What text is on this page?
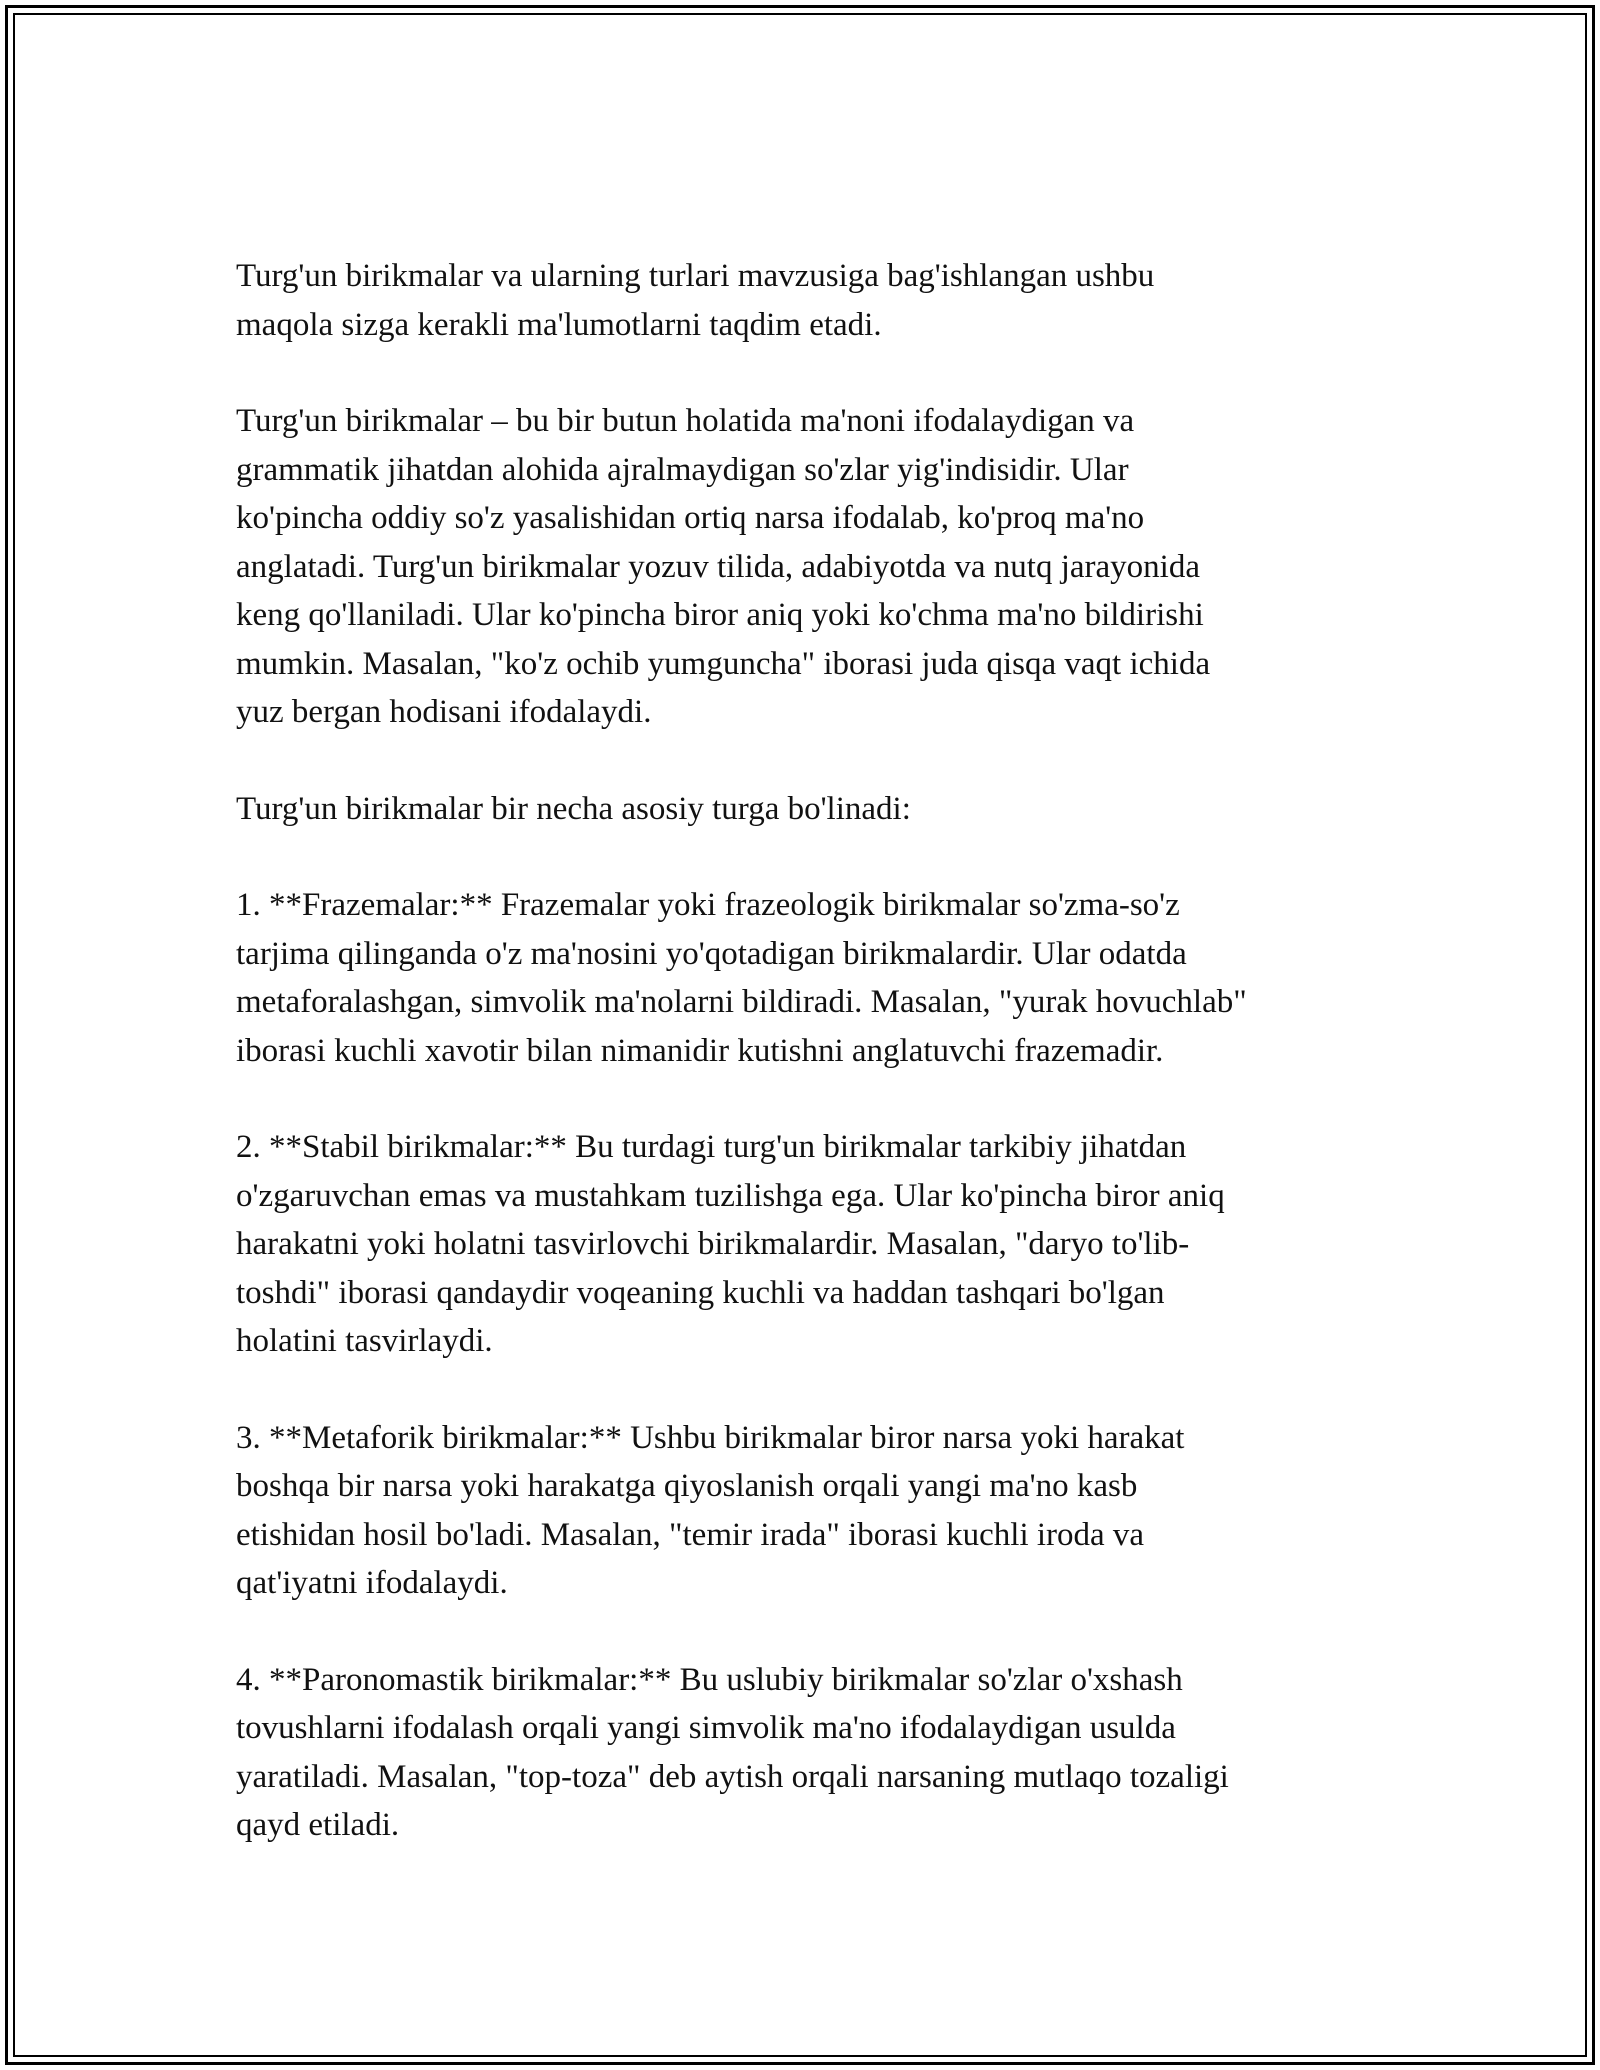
Turg'un birikmalar va ularning turlari mavzusiga bag'ishlangan ushbu
maqola sizga kerakli ma'lumotlarni taqdim etadi.

Turg'un birikmalar – bu bir butun holatida ma'noni ifodalaydigan va
grammatik jihatdan alohida ajralmaydigan so'zlar yig'indisidir. Ular
ko'pincha oddiy so'z yasalishidan ortiq narsa ifodalab, ko'proq ma'no
anglatadi. Turg'un birikmalar yozuv tilida, adabiyotda va nutq jarayonida
keng qo'llaniladi. Ular ko'pincha biror aniq yoki ko'chma ma'no bildirishi
mumkin. Masalan, "ko'z ochib yumguncha" iborasi juda qisqa vaqt ichida
yuz bergan hodisani ifodalaydi.

Turg'un birikmalar bir necha asosiy turga bo'linadi:

1. **Frazemalar:** Frazemalar yoki frazeologik birikmalar so'zma-so'z
tarjima qilinganda o'z ma'nosini yo'qotadigan birikmalardir. Ular odatda
metaforalashgan, simvolik ma'nolarni bildiradi. Masalan, "yurak hovuchlab"
iborasi kuchli xavotir bilan nimanidir kutishni anglatuvchi frazemadir.

2. **Stabil birikmalar:** Bu turdagi turg'un birikmalar tarkibiy jihatdan
o'zgaruvchan emas va mustahkam tuzilishga ega. Ular ko'pincha biror aniq
harakatni yoki holatni tasvirlovchi birikmalardir. Masalan, "daryo to'lib-
toshdi" iborasi qandaydir voqeaning kuchli va haddan tashqari bo'lgan
holatini tasvirlaydi.

3. **Metaforik birikmalar:** Ushbu birikmalar biror narsa yoki harakat
boshqa bir narsa yoki harakatga qiyoslanish orqali yangi ma'no kasb
etishidan hosil bo'ladi. Masalan, "temir irada" iborasi kuchli iroda va
qat'iyatni ifodalaydi.

4. **Paronomastik birikmalar:** Bu uslubiy birikmalar so'zlar o'xshash
tovushlarni ifodalash orqali yangi simvolik ma'no ifodalaydigan usulda
yaratiladi. Masalan, "top-toza" deb aytish orqali narsaning mutlaqo tozaligi
qayd etiladi.
